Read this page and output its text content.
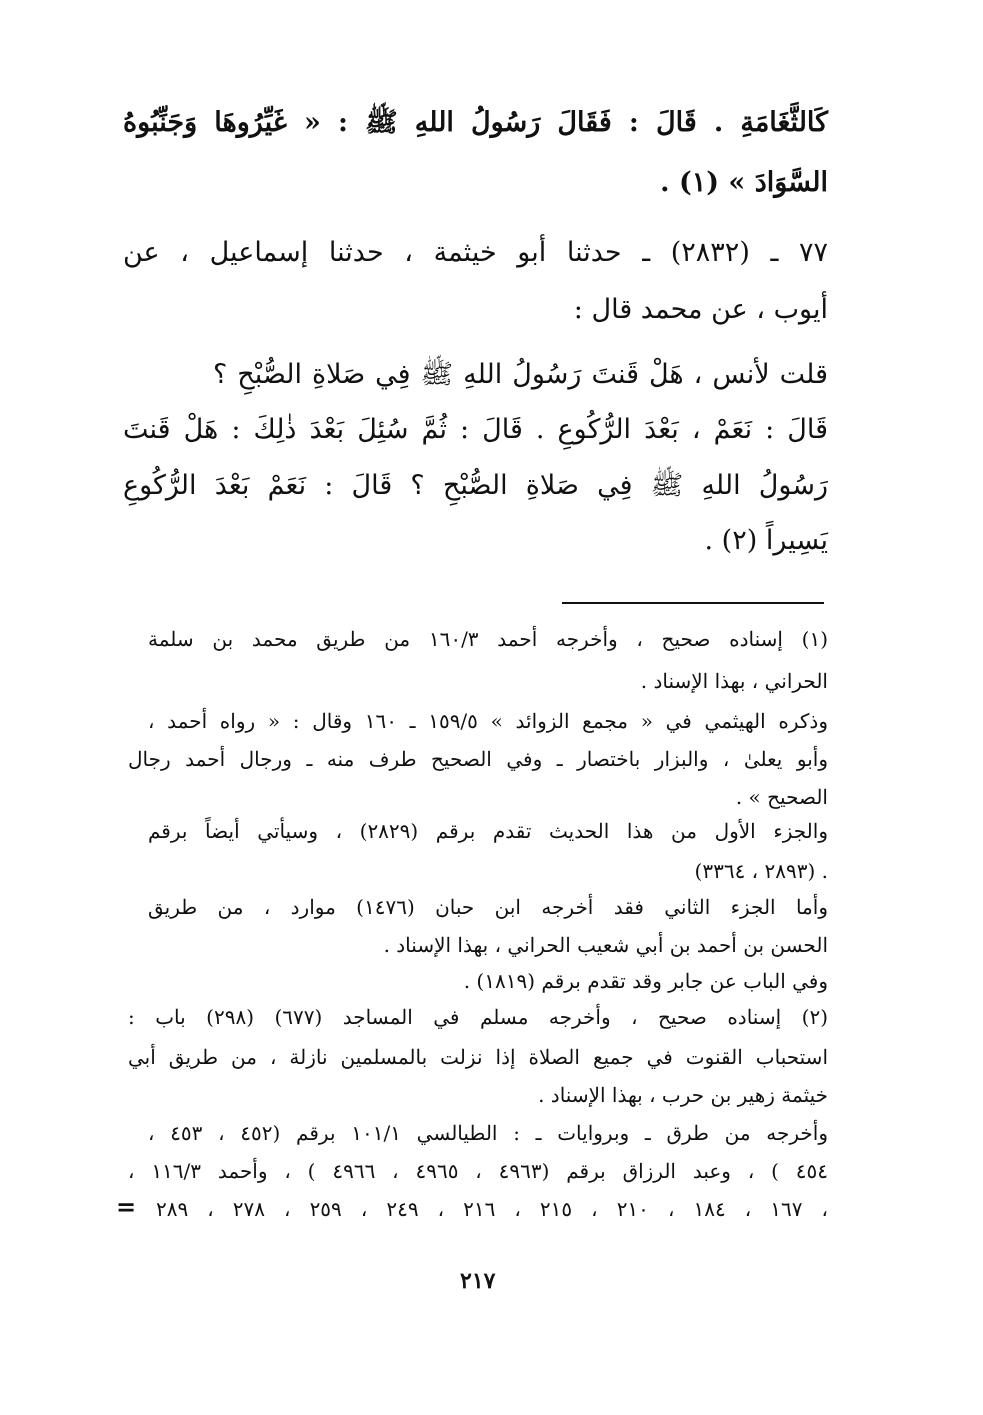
كَالثَّغَامَةِ . قَالَ : فَقَالَ رَسُولُ اللهِ ﷺ : « غَيِّرُوهَا وَجَنِّبُوهُ
السَّوَادَ » (١) .
٧٧ ـ (٢٨٣٢) ـ حدثنا أبو خيثمة ، حدثنا إسماعيل ، عن
أيوب ، عن محمد قال :
قلت لأنس ، هَلْ قَنتَ رَسُولُ اللهِ ﷺ فِي صَلاةِ الصُّبْحِ ؟
قَالَ : نَعَمْ ، بَعْدَ الرُّكُوعِ . قَالَ : ثُمَّ سُئِلَ بَعْدَ ذٰلِكَ : هَلْ قَنتَ
رَسُولُ اللهِ ﷺ فِي صَلاةِ الصُّبْحِ ؟ قَالَ : نَعَمْ بَعْدَ الرُّكُوعِ
يَسِيراً (٢) .
(١) إسناده صحيح ، وأخرجه أحمد ١٦٠/٣ من طريق محمد بن سلمة
الحراني ، بهذا الإسناد .
وذكره الهيثمي في « مجمع الزوائد » ١٥٩/٥ ـ ١٦٠ وقال : « رواه أحمد ،
وأبو يعلىٰ ، والبزار باختصار ـ وفي الصحيح طرف منه ـ ورجال أحمد رجال
الصحيح » .
والجزء الأول من هذا الحديث تقدم برقم (٢٨٢٩) ، وسيأتي أيضاً برقم
(٢٨٩٣ ، ٣٣٦٤) .
وأما الجزء الثاني فقد أخرجه ابن حبان (١٤٧٦) موارد ، من طريق
الحسن بن أحمد بن أبي شعيب الحراني ، بهذا الإسناد .
وفي الباب عن جابر وقد تقدم برقم (١٨١٩) .
(٢) إسناده صحيح ، وأخرجه مسلم في المساجد (٦٧٧) (٢٩٨) باب :
استحباب القنوت في جميع الصلاة إذا نزلت بالمسلمين نازلة ، من طريق أبي
خيثمة زهير بن حرب ، بهذا الإسناد .
وأخرجه من طرق ـ وبروايات ـ : الطيالسي ١٠١/١ برقم (٤٥٢ ، ٤٥٣ ،
٤٥٤ ) ، وعبد الرزاق برقم (٤٩٦٣ ، ٤٩٦٥ ، ٤٩٦٦ ) ، وأحمد ١١٦/٣ ،
١٦٧ ، ١٨٤ ، ٢١٠ ، ٢١٥ ، ٢١٦ ، ٢٤٩ ، ٢٥٩ ، ٢٧٨ ، ٢٨٩ ،
=
٢١٧
